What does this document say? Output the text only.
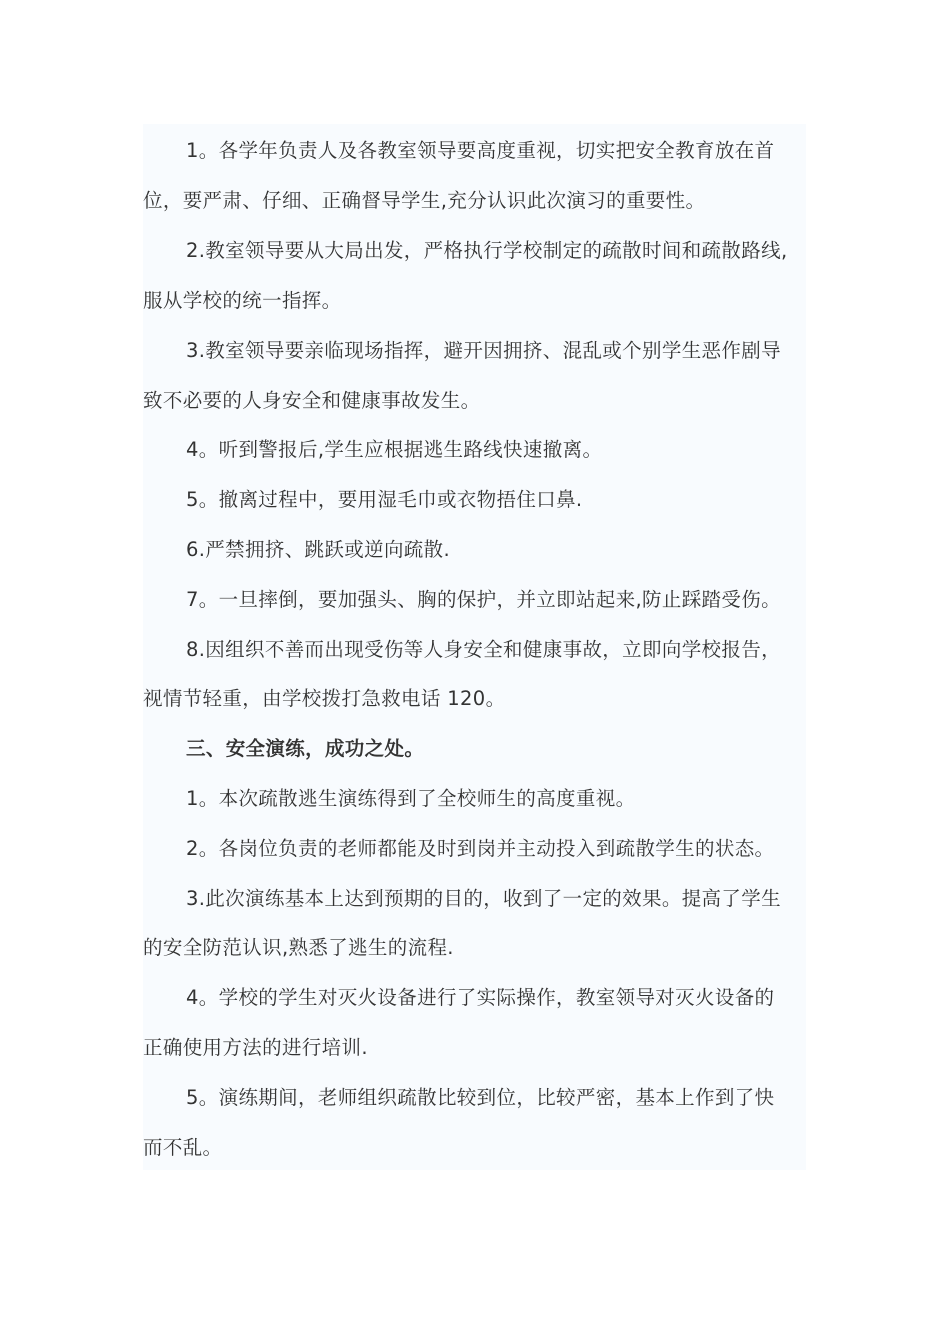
1。各学年负责人及各教室领导要高度重视，切实把安全教育放在首
位，要严肃、仔细、正确督导学生,充分认识此次演习的重要性。
2.教室领导要从大局出发，严格执行学校制定的疏散时间和疏散路线,
服从学校的统一指挥。
3.教室领导要亲临现场指挥，避开因拥挤、混乱或个别学生恶作剧导
致不必要的人身安全和健康事故发生。
4。听到警报后,学生应根据逃生路线快速撤离。
5。撤离过程中，要用湿毛巾或衣物捂住口鼻.
6.严禁拥挤、跳跃或逆向疏散.
7。一旦摔倒，要加强头、胸的保护，并立即站起来,防止踩踏受伤。
8.因组织不善而出现受伤等人身安全和健康事故，立即向学校报告，
视情节轻重，由学校拨打急救电话 120。
三、安全演练，成功之处。
1。本次疏散逃生演练得到了全校师生的高度重视。
2。各岗位负责的老师都能及时到岗并主动投入到疏散学生的状态。
3.此次演练基本上达到预期的目的，收到了一定的效果。提高了学生
的安全防范认识,熟悉了逃生的流程.
4。学校的学生对灭火设备进行了实际操作，教室领导对灭火设备的
正确使用方法的进行培训.
5。演练期间，老师组织疏散比较到位，比较严密，基本上作到了快
而不乱。
